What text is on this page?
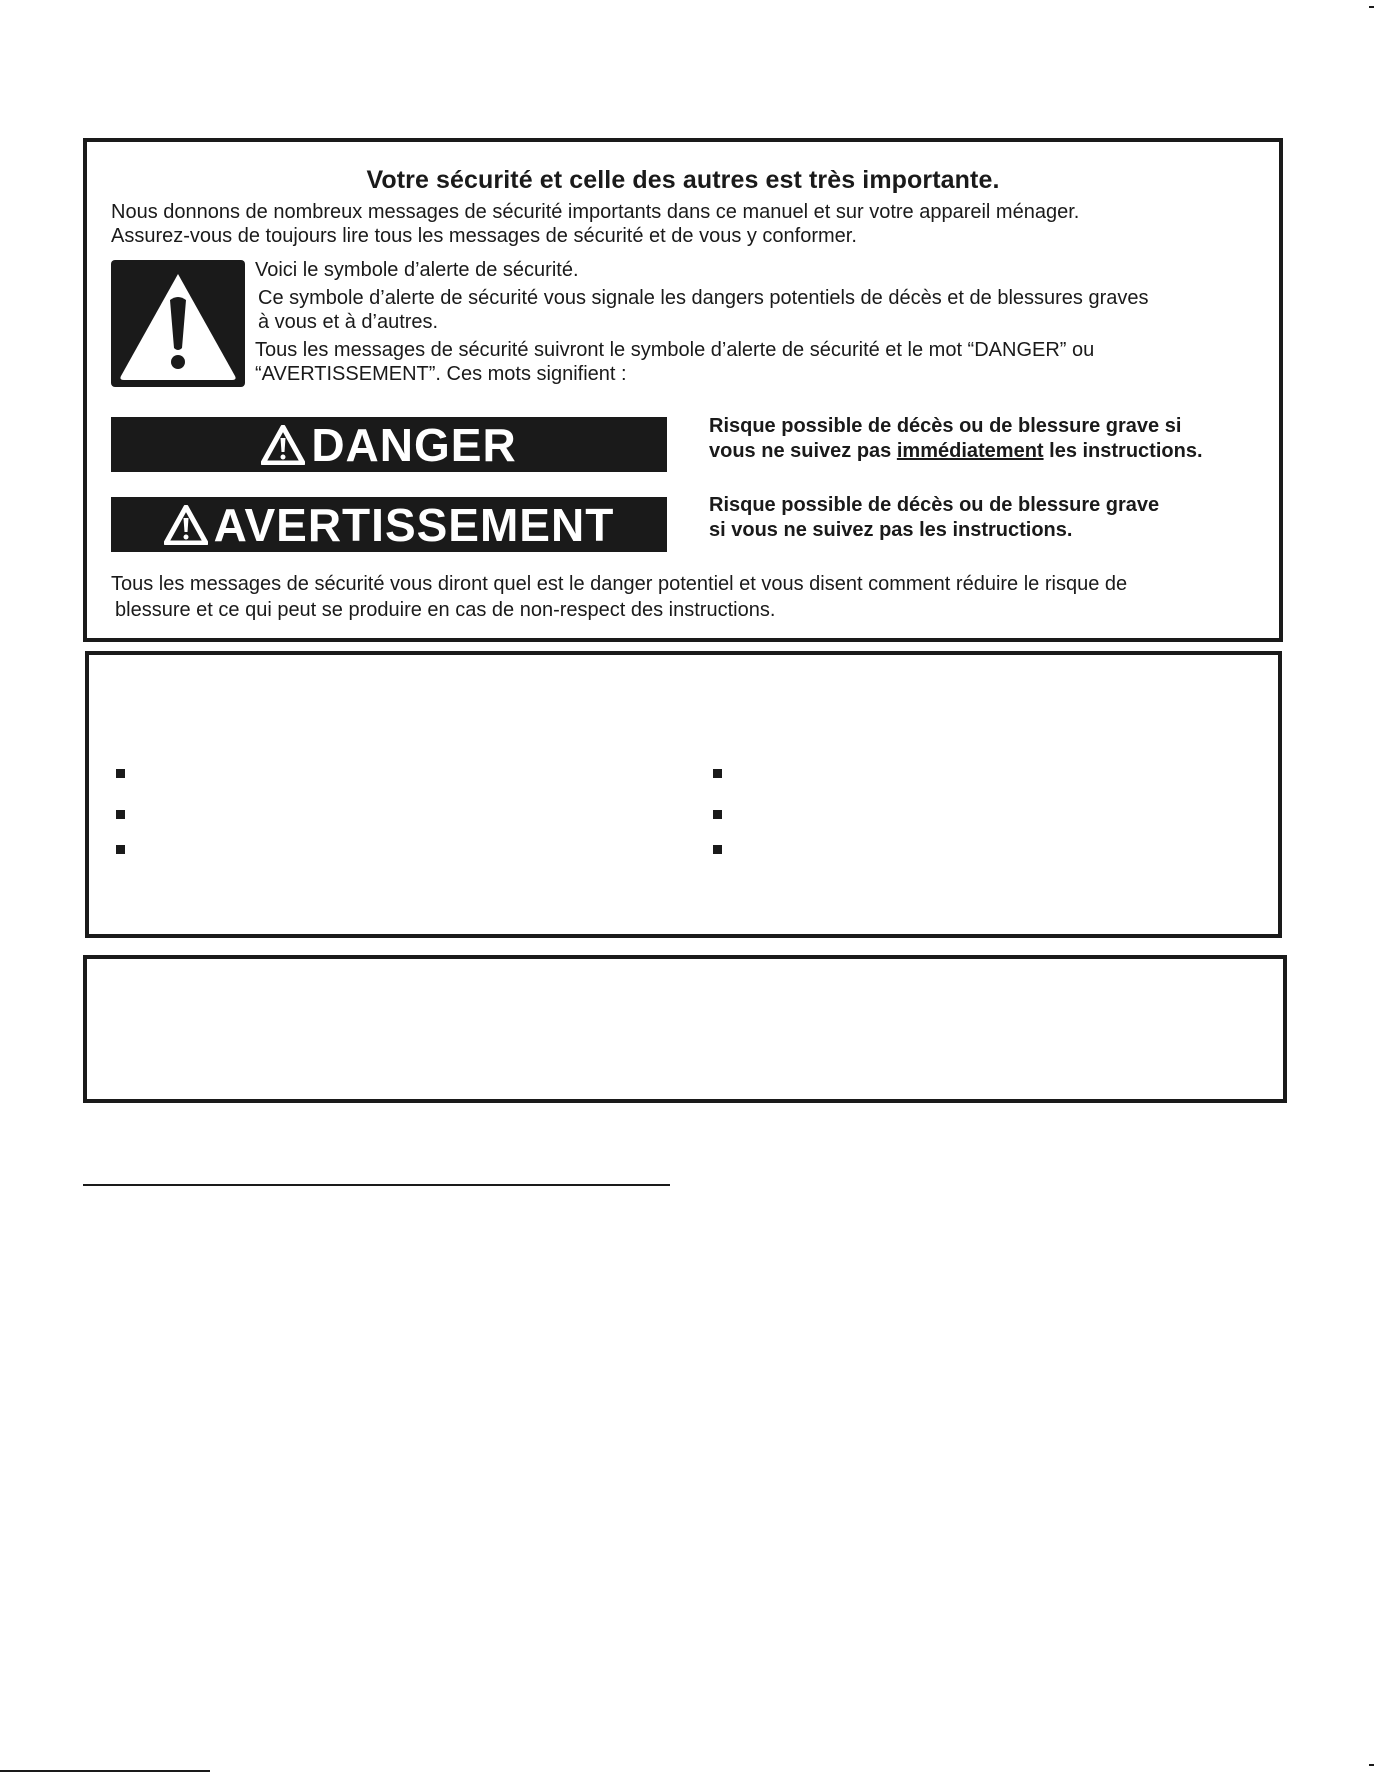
Votre sécurité et celle des autres est très importante.
Nous donnons de nombreux messages de sécurité importants dans ce manuel et sur votre appareil ménager.
Assurez-vous de toujours lire tous les messages de sécurité et de vous y conformer.

Voici le symbole d’alerte de sécurité.

Ce symbole d’alerte de sécurité vous signale les dangers potentiels de décès et de blessures graves
à vous et à d’autres.

Tous les messages de sécurité suivront le symbole d’alerte de sécurité et le mot “DANGER” ou
“AVERTISSEMENT”. Ces mots signifient :

DANGER	Risque possible de décès ou de blessure grave si
vous ne suivez pas immédiatement les instructions.
AVERTISSEMENT	Risque possible de décès ou de blessure grave
si vous ne suivez pas les instructions.
Tous les messages de sécurité vous diront quel est le danger potentiel et vous disent comment réduire le risque de
blessure et ce qui peut se produire en cas de non-respect des instructions.
